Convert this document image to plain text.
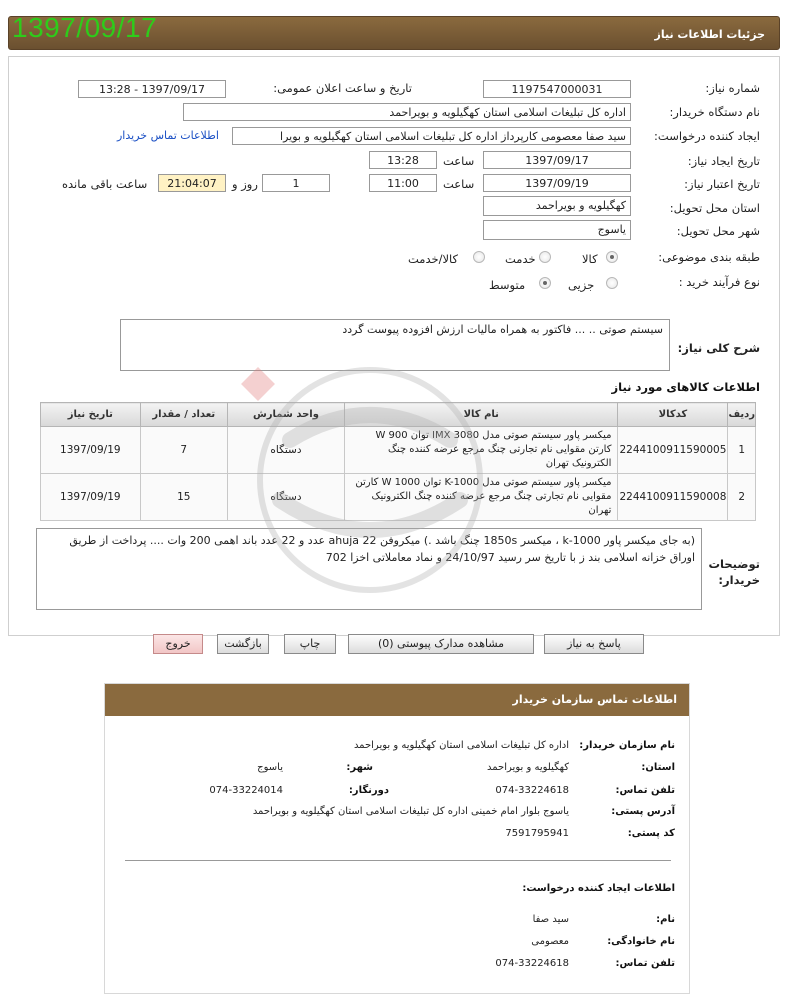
جزئیات اطلاعات نیاز
1397/09/17
شماره نیاز:
1197547000031
تاریخ و ساعت اعلان عمومی:
1397/09/17 - 13:28
نام دستگاه خریدار:
اداره کل تبلیغات اسلامی استان کهگیلویه و بویراحمد
ایجاد کننده درخواست:
سید صفا معصومی کارپرداز اداره کل تبلیغات اسلامی استان کهگیلویه و بویرا
اطلاعات تماس خریدار
تاریخ ایجاد نیاز:
1397/09/17
ساعت
13:28
تاریخ اعتبار نیاز:
1397/09/19
ساعت
11:00
1
روز و
21:04:07
ساعت باقی مانده
استان محل تحویل:
کهگیلویه و بویراحمد
شهر محل تحویل:
یاسوج
طبقه بندی موضوعی:
کالا
خدمت
کالا/خدمت
نوع فرآیند خرید :
جزیی
متوسط
شرح کلی نیاز:
سیستم صوتی .. ... فاکتور به همراه مالیات ارزش افزوده پیوست گردد
اطلاعات کالاهای مورد نیاز
ردیف	کدکالا	نام کالا	واحد شمارش	تعداد / مقدار	تاریخ نیاز
1	2244100911590005	میکسر پاور سیستم صوتی مدل IMX 3080 توان 900 W کارتن مقوایی نام تجارتی چنگ مرجع عرضه کننده چنگ الکترونیک تهران	دستگاه	7	1397/09/19
2	2244100911590008	میکسر پاور سیستم صوتی مدل K-1000 توان 1000 W کارتن مقوایی نام تجارتی چنگ مرجع عرضه کننده چنگ الکترونیک تهران	دستگاه	15	1397/09/19
توضیحات خریدار:
(به جای میکسر پاور k-1000 ، میکسر 1850s چنگ باشد .) میکروفن ahuja 22 عدد و 22 عدد باند اهمی 200 وات .... پرداخت از طریق اوراق خزانه اسلامی بند ز با تاریخ سر رسید 24/10/97 و نماد معاملاتی اخزا 702
پاسخ به نیاز
مشاهده مدارک پیوستی (0)
چاپ
بازگشت
خروج
اطلاعات تماس سازمان خریدار
نام سازمان خریدار:
اداره کل تبلیغات اسلامی استان کهگیلویه و بویراحمد
استان:
کهگیلویه و بویراحمد
شهر:
یاسوج
تلفن تماس:
074-33224618
دورنگار:
074-33224014
آدرس پستی:
یاسوج بلوار امام خمینی اداره کل تبلیغات اسلامی استان کهگیلویه و بویراحمد
کد پستی:
7591795941
اطلاعات ایجاد کننده درخواست:
نام:
سید صفا
نام خانوادگی:
معصومی
تلفن تماس:
074-33224618
